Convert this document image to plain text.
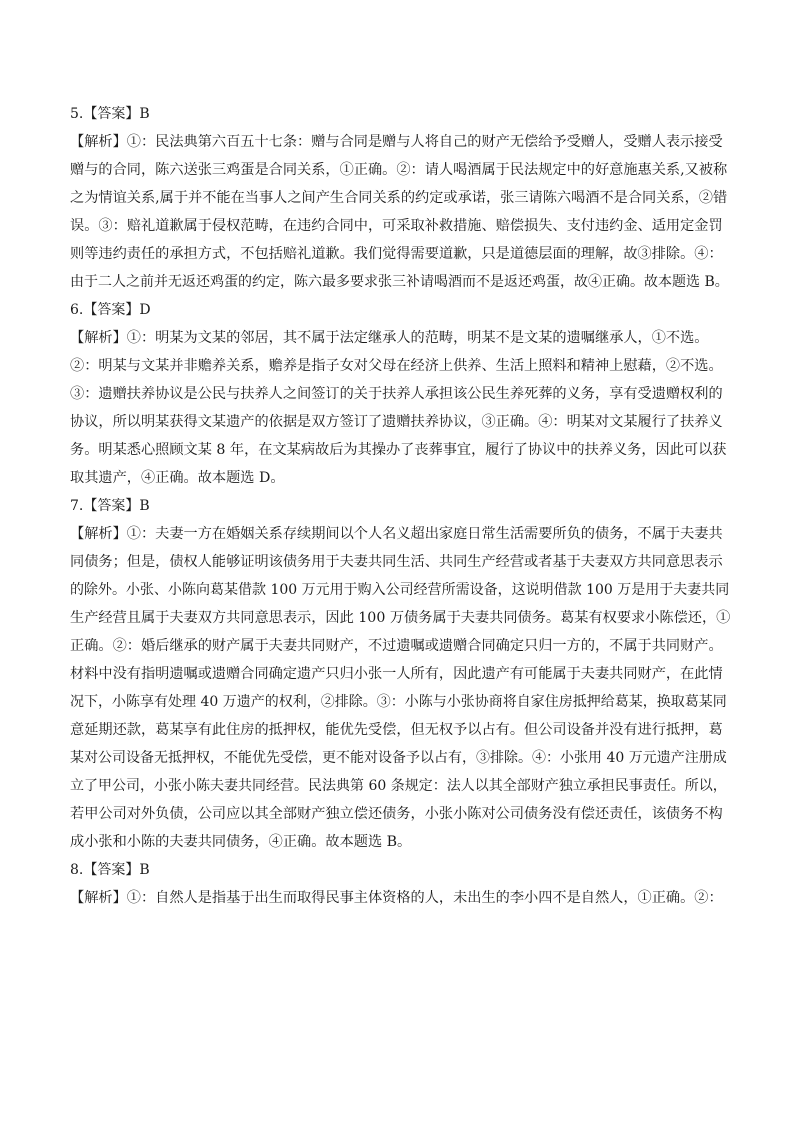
5.【答案】B
【解析】①：民法典第六百五十七条：赠与合同是赠与人将自己的财产无偿给予受赠人，受赠人表示接受
赠与的合同，陈六送张三鸡蛋是合同关系，①正确。②：请人喝酒属于民法规定中的好意施惠关系,又被称
之为情谊关系,属于并不能在当事人之间产生合同关系的约定或承诺，张三请陈六喝酒不是合同关系，②错
误。③：赔礼道歉属于侵权范畴，在违约合同中，可采取补救措施、赔偿损失、支付违约金、适用定金罚
则等违约责任的承担方式，不包括赔礼道歉。我们觉得需要道歉，只是道德层面的理解，故③排除。④：
由于二人之前并无返还鸡蛋的约定，陈六最多要求张三补请喝酒而不是返还鸡蛋，故④正确。故本题选 B。
6.【答案】D
【解析】①：明某为文某的邻居，其不属于法定继承人的范畴，明某不是文某的遗嘱继承人，①不选。
②：明某与文某并非赡养关系，赡养是指子女对父母在经济上供养、生活上照料和精神上慰藉，②不选。
③：遗赠扶养协议是公民与扶养人之间签订的关于扶养人承担该公民生养死葬的义务，享有受遗赠权利的
协议，所以明某获得文某遗产的依据是双方签订了遗赠扶养协议，③正确。④：明某对文某履行了扶养义
务。明某悉心照顾文某 8 年，在文某病故后为其操办了丧葬事宜，履行了协议中的扶养义务，因此可以获
取其遗产，④正确。故本题选 D。
7.【答案】B
【解析】①：夫妻一方在婚姻关系存续期间以个人名义超出家庭日常生活需要所负的债务，不属于夫妻共
同债务；但是，债权人能够证明该债务用于夫妻共同生活、共同生产经营或者基于夫妻双方共同意思表示
的除外。小张、小陈向葛某借款 100 万元用于购入公司经营所需设备，这说明借款 100 万是用于夫妻共同
生产经营且属于夫妻双方共同意思表示，因此 100 万债务属于夫妻共同债务。葛某有权要求小陈偿还，①
正确。②：婚后继承的财产属于夫妻共同财产，不过遗嘱或遗赠合同确定只归一方的，不属于共同财产。
材料中没有指明遗嘱或遗赠合同确定遗产只归小张一人所有，因此遗产有可能属于夫妻共同财产，在此情
况下，小陈享有处理 40 万遗产的权利，②排除。③：小陈与小张协商将自家住房抵押给葛某，换取葛某同
意延期还款，葛某享有此住房的抵押权，能优先受偿，但无权予以占有。但公司设备并没有进行抵押，葛
某对公司设备无抵押权，不能优先受偿，更不能对设备予以占有，③排除。④：小张用 40 万元遗产注册成
立了甲公司，小张小陈夫妻共同经营。民法典第 60 条规定：法人以其全部财产独立承担民事责任。所以，
若甲公司对外负债，公司应以其全部财产独立偿还债务，小张小陈对公司债务没有偿还责任，该债务不构
成小张和小陈的夫妻共同债务，④正确。故本题选 B。
8.【答案】B
【解析】①：自然人是指基于出生而取得民事主体资格的人，未出生的李小四不是自然人，①正确。②：
